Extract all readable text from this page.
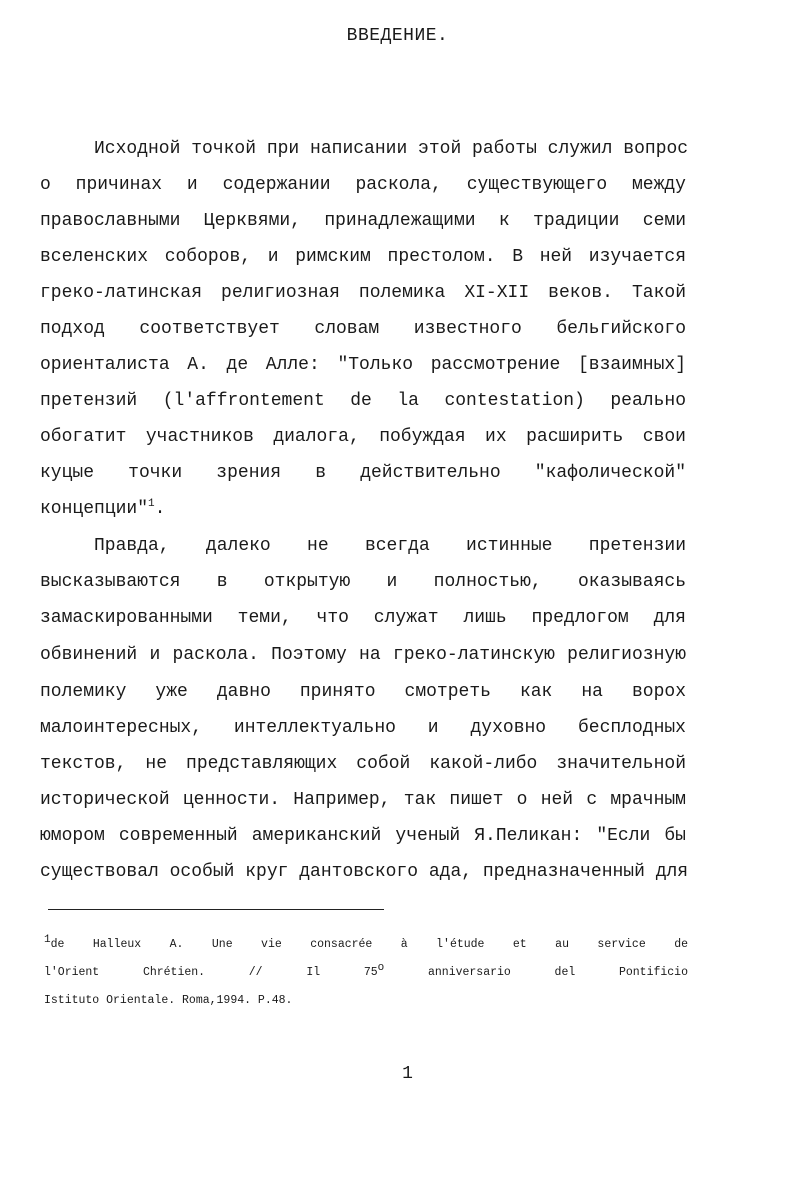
ВВЕДЕНИЕ.
Исходной точкой при написании этой работы служил вопрос
о причинах и содержании раскола, существующего между
православными Церквями, принадлежащими к традиции семи
вселенских соборов, и римским престолом. В ней изучается
греко-латинская религиозная полемика XI-XII веков. Такой
подход соответствует словам известного бельгийского
ориенталиста А. де Алле: "Только рассмотрение [взаимных]
претензий (l'affrontement de la contestation) реально
обогатит участников диалога, побуждая их расширить свои
куцые точки зрения в действительно "кафолической"
концепции"$^1$.
Правда, далеко не всегда истинные претензии
высказываются в открытую и полностью, оказываясь
замаскированными теми, что служат лишь предлогом для
обвинений и раскола. Поэтому на греко-латинскую религиозную
полемику уже давно принято смотреть как на ворох
малоинтересных, интеллектуально и духовно бесплодных
текстов, не представляющих собой какой-либо значительной
исторической ценности. Например, так пишет о ней с мрачным
юмором современный американский ученый Я.Пеликан: "Если бы
существовал особый круг дантовского ада, предназначенный для
$^1$de Halleux A. Une vie consacrée à l'étude et au service de
l'Orient Chrétien. // Il 75$^o$ anniversario del Pontificio
Istituto Orientale. Roma,1994. P.48.
1
